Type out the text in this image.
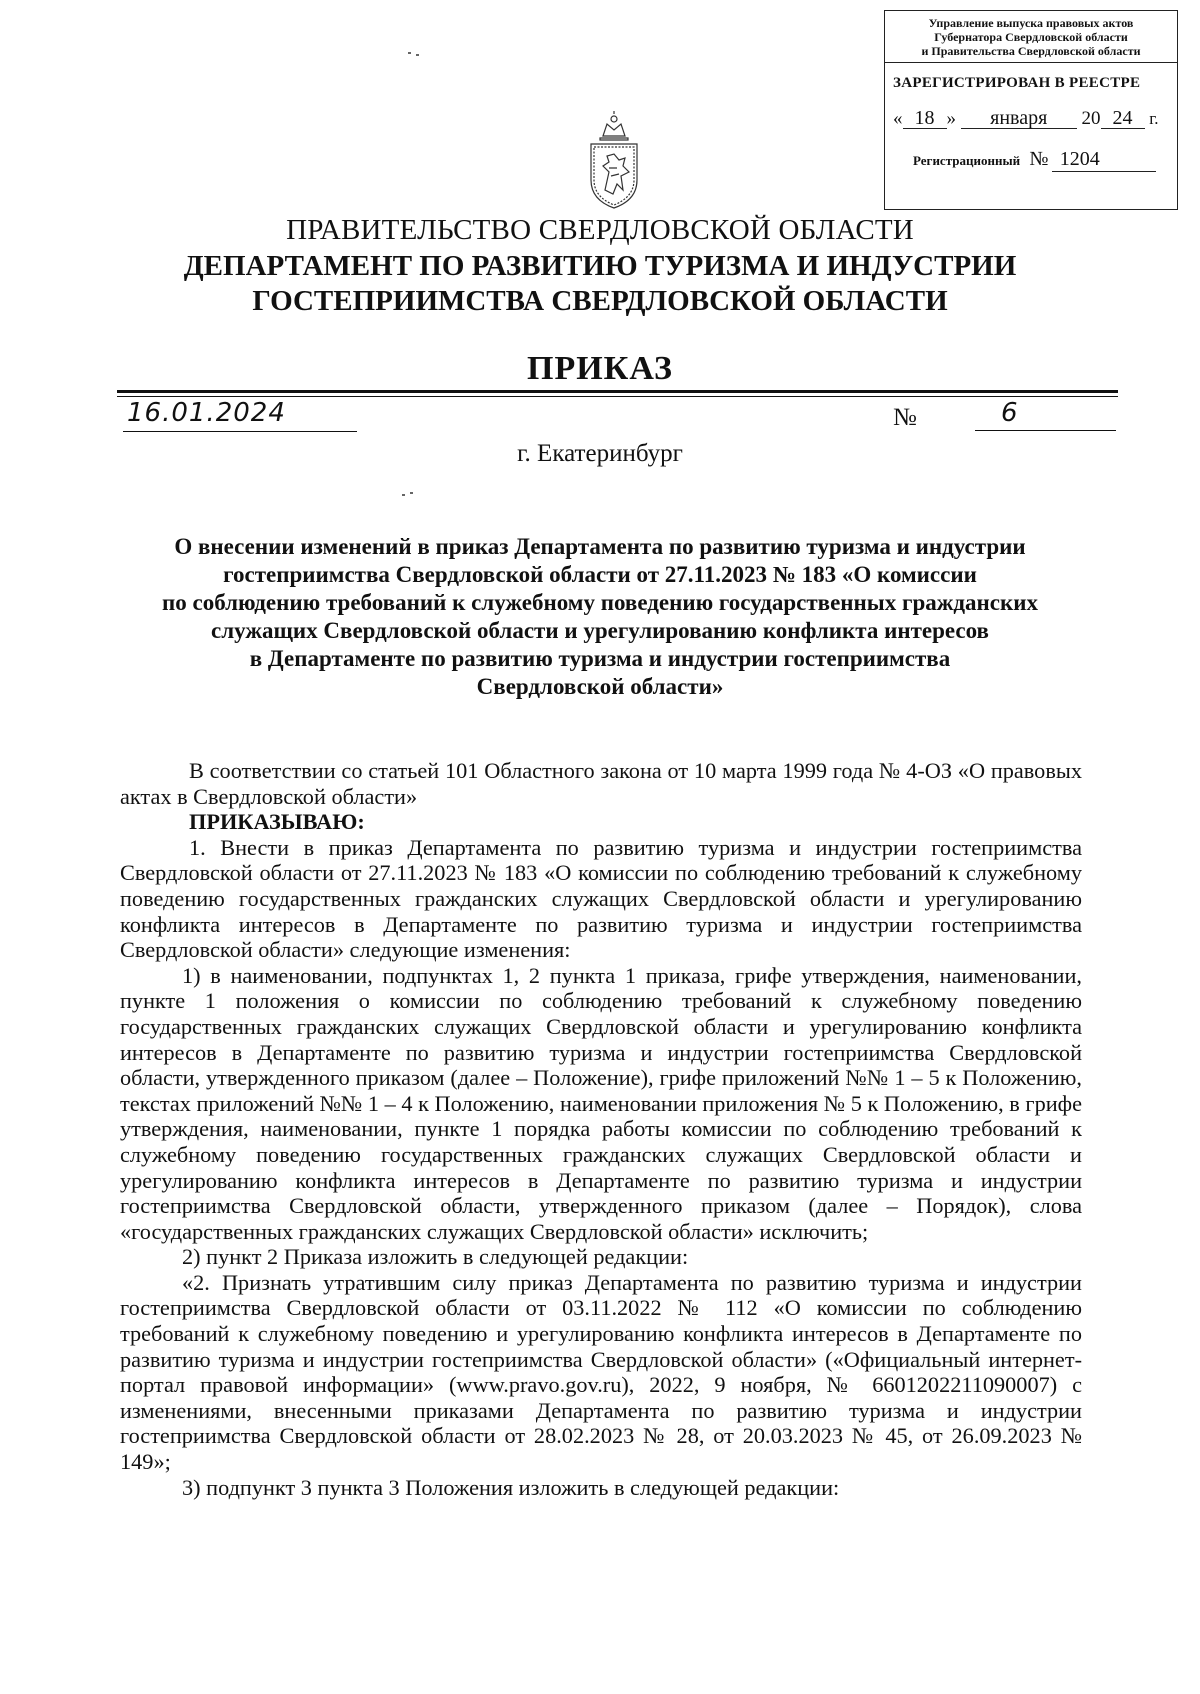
Управление выпуска правовых актов
Губернатора Свердловской области
и Правительства Свердловской области
ЗАРЕГИСТРИРОВАН В РЕЕСТРЕ
« 18 » января 20 24 г.
Регистрационный № 1204
ПРАВИТЕЛЬСТВО СВЕРДЛОВСКОЙ ОБЛАСТИ
ДЕПАРТАМЕНТ ПО РАЗВИТИЮ ТУРИЗМА И ИНДУСТРИИ
ГОСТЕПРИИМСТВА СВЕРДЛОВСКОЙ ОБЛАСТИ
ПРИКАЗ
16.01.2024	№	6
г. Екатеринбург
О внесении изменений в приказ Департамента по развитию туризма и индустрии
гостеприимства Свердловской области от 27.11.2023 № 183 «О комиссии
по соблюдению требований к служебному поведению государственных гражданских
служащих Свердловской области и урегулированию конфликта интересов
в Департаменте по развитию туризма и индустрии гостеприимства
Свердловской области»

В соответствии со статьей 101 Областного закона от 10 марта 1999 года № 4-ОЗ «О правовых актах в Свердловской области»

ПРИКАЗЫВАЮ:

1. Внести в приказ Департамента по развитию туризма и индустрии гостеприимства Свердловской области от 27.11.2023 № 183 «О комиссии по соблюдению требований к служебному поведению государственных гражданских служащих Свердловской области и урегулированию конфликта интересов в Департаменте по развитию туризма и индустрии гостеприимства Свердловской области» следующие изменения:

1) в наименовании, подпунктах 1, 2 пункта 1 приказа, грифе утверждения, наименовании, пункте 1 положения о комиссии по соблюдению требований к служебному поведению государственных гражданских служащих Свердловской области и урегулированию конфликта интересов в Департаменте по развитию туризма и индустрии гостеприимства Свердловской области, утвержденного приказом (далее – Положение), грифе приложений №№ 1 – 5 к Положению, текстах приложений №№ 1 – 4 к Положению, наименовании приложения № 5 к Положению, в грифе утверждения, наименовании, пункте 1 порядка работы комиссии по соблюдению требований к служебному поведению государственных гражданских служащих Свердловской области и урегулированию конфликта интересов в Департаменте по развитию туризма и индустрии гостеприимства Свердловской области, утвержденного приказом (далее – Порядок), слова «государственных гражданских служащих Свердловской области» исключить;

2) пункт 2 Приказа изложить в следующей редакции:

«2. Признать утратившим силу приказ Департамента по развитию туризма и индустрии гостеприимства Свердловской области от 03.11.2022 № 112 «О комиссии по соблюдению требований к служебному поведению и урегулированию конфликта интересов в Департаменте по развитию туризма и индустрии гостеприимства Свердловской области» («Официальный интернет-портал правовой информации» (www.pravo.gov.ru), 2022, 9 ноября, № 6601202211090007) с изменениями, внесенными приказами Департамента по развитию туризма и индустрии гостеприимства Свердловской области от 28.02.2023 № 28, от 20.03.2023 № 45, от 26.09.2023 № 149»;

3) подпункт 3 пункта 3 Положения изложить в следующей редакции:
